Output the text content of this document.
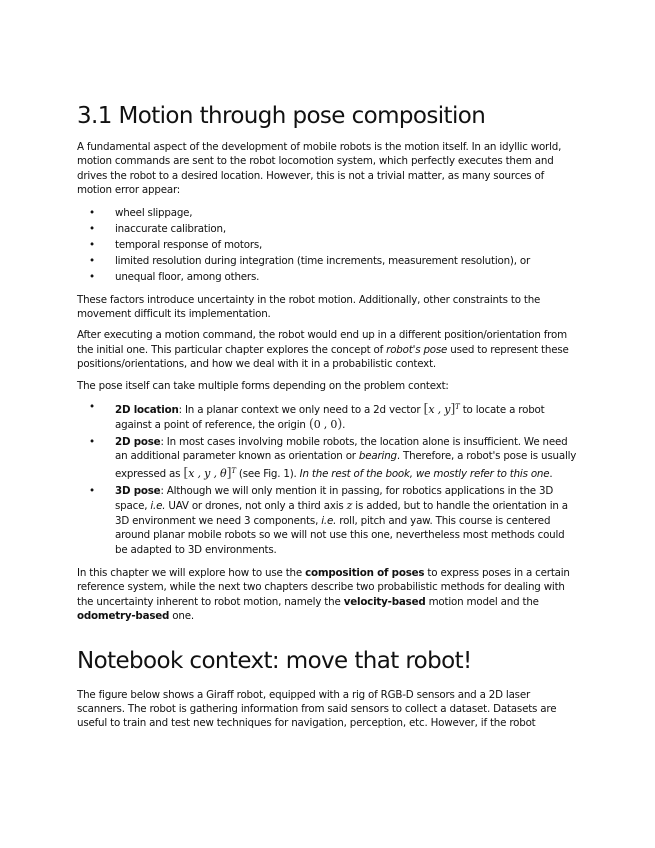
3.1 Motion through pose composition

A fundamental aspect of the development of mobile robots is the motion itself. In an idyllic world, motion commands are sent to the robot locomotion system, which perfectly executes them and drives the robot to a desired location. However, this is not a trivial matter, as many sources of motion error appear:

• wheel slippage,
• inaccurate calibration,
• temporal response of motors,
• limited resolution during integration (time increments, measurement resolution), or
• unequal floor, among others.

These factors introduce uncertainty in the robot motion. Additionally, other constraints to the movement difficult its implementation.

After executing a motion command, the robot would end up in a different position/orientation from the initial one. This particular chapter explores the concept of robot's pose used to represent these positions/orientations, and how we deal with it in a probabilistic context.

The pose itself can take multiple forms depending on the problem context:

• 2D location: In a planar context we only need to a 2d vector [x , y]$^T$ to locate a robot against a point of reference, the origin (0 , 0).
• 2D pose: In most cases involving mobile robots, the location alone is insufficient. We need an additional parameter known as orientation or bearing. Therefore, a robot's pose is usually expressed as [x , y , θ]$^T$ (see Fig. 1). In the rest of the book, we mostly refer to this one.
• 3D pose: Although we will only mention it in passing, for robotics applications in the 3D space, i.e. UAV or drones, not only a third axis z is added, but to handle the orientation in a 3D environment we need 3 components, i.e. roll, pitch and yaw. This course is centered around planar mobile robots so we will not use this one, nevertheless most methods could be adapted to 3D environments.

In this chapter we will explore how to use the composition of poses to express poses in a certain reference system, while the next two chapters describe two probabilistic methods for dealing with the uncertainty inherent to robot motion, namely the velocity-based motion model and the odometry-based one.

Notebook context: move that robot!

The figure below shows a Giraff robot, equipped with a rig of RGB-D sensors and a 2D laser scanners. The robot is gathering information from said sensors to collect a dataset. Datasets are useful to train and test new techniques for navigation, perception, etc. However, if the robot
